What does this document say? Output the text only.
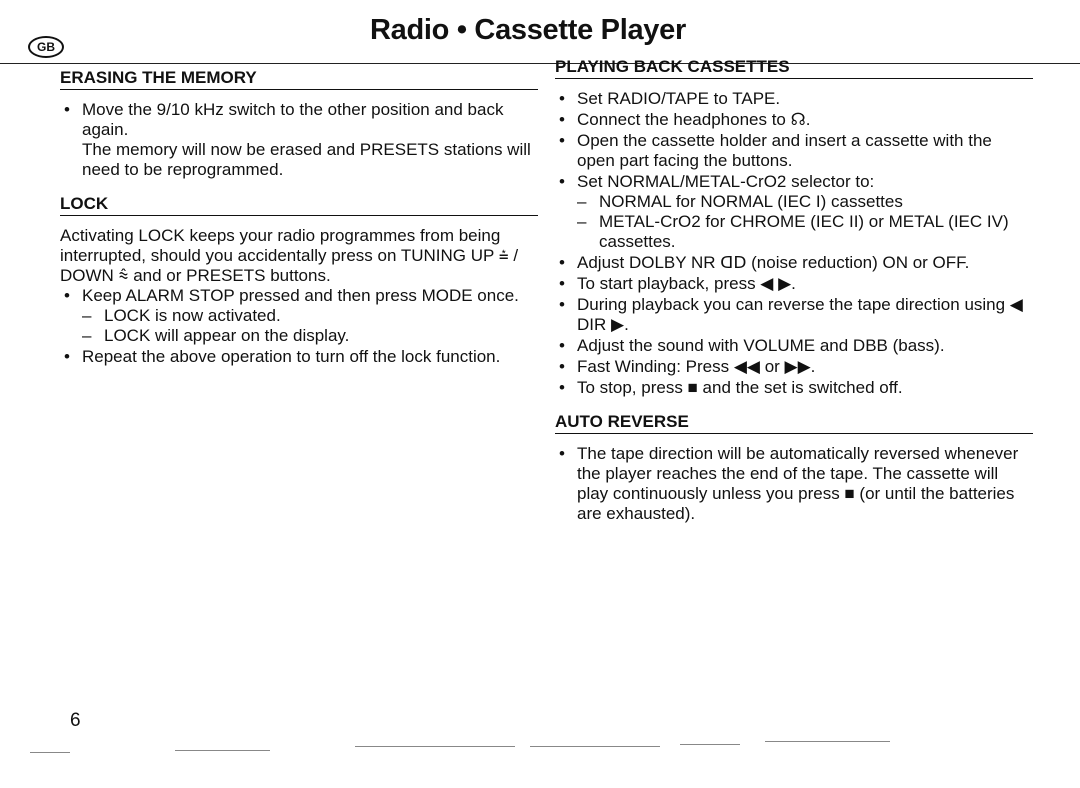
GB
Radio • Cassette Player
ERASING THE MEMORY
• Move the 9/10 kHz switch to the other position and back again.
The memory will now be erased and PRESETS stations will need to be reprogrammed.
LOCK

Activating LOCK keeps your radio programmes from being interrupted, should you accidentally press on TUNING UP ⩮ / DOWN ⩯ and or PRESETS buttons.

• Keep ALARM STOP pressed and then press MODE once.
– LOCK is now activated.
– LOCK will appear on the display.
• Repeat the above operation to turn off the lock function.
PLAYING BACK CASSETTES
• Set RADIO/TAPE to TAPE.
• Connect the headphones to ☊.
• Open the cassette holder and insert a cassette with the open part facing the buttons.
• Set NORMAL/METAL-CrO2 selector to:
– NORMAL for NORMAL (IEC I) cassettes
– METAL-CrO2 for CHROME (IEC II) or METAL (IEC IV) cassettes.
• Adjust DOLBY NR ᗡᗞ (noise reduction) ON or OFF.
• To start playback, press ◀ ▶.
• During playback you can reverse the tape direction using ◀ DIR ▶.
• Adjust the sound with VOLUME and DBB (bass).
• Fast Winding: Press ◀◀ or ▶▶.
• To stop, press ■ and the set is switched off.
AUTO REVERSE
• The tape direction will be automatically reversed whenever the player reaches the end of the tape. The cassette will play continuously unless you press ■ (or until the batteries are exhausted).
6
